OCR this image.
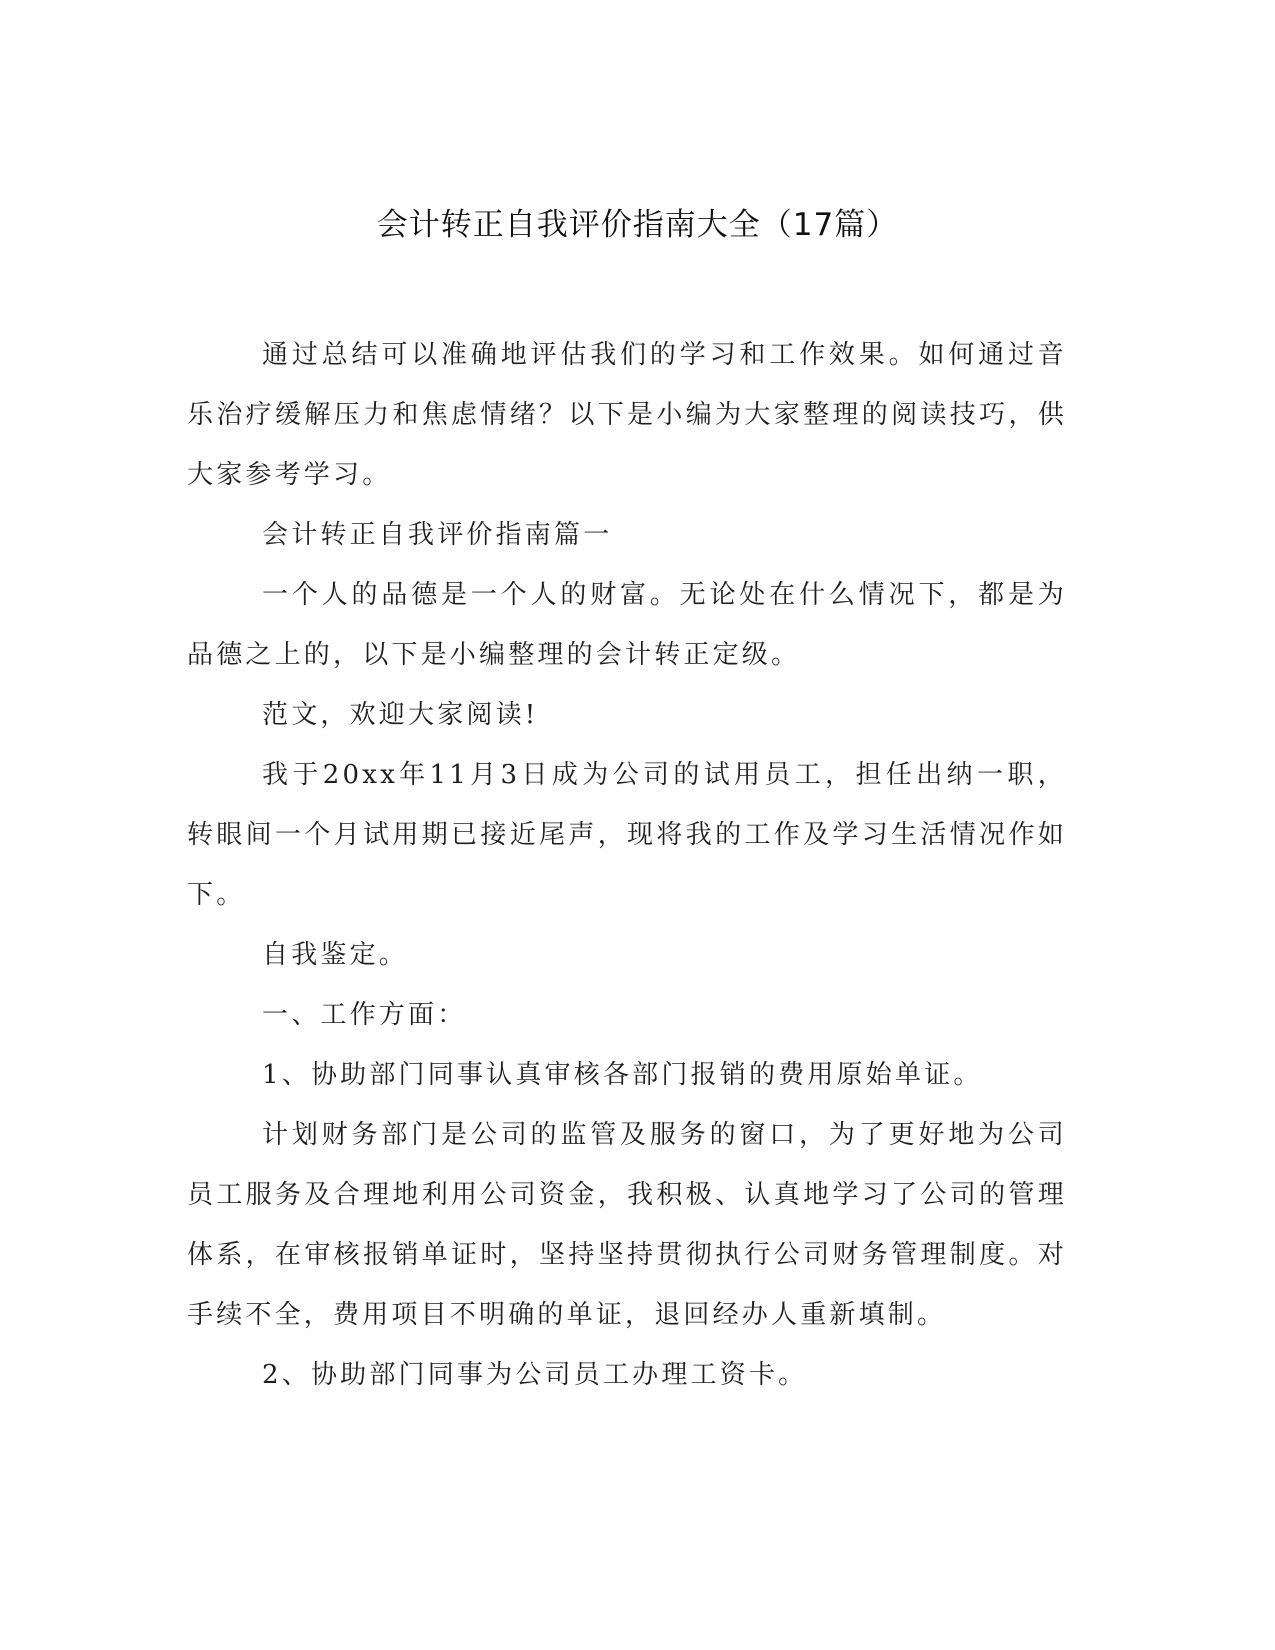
会计转正自我评价指南大全（17篇）

通过总结可以准确地评估我们的学习和工作效果。如何通过音乐治疗缓解压力和焦虑情绪？以下是小编为大家整理的阅读技巧，供大家参考学习。

会计转正自我评价指南篇一

一个人的品德是一个人的财富。无论处在什么情况下，都是为品德之上的，以下是小编整理的会计转正定级。

范文，欢迎大家阅读!

我于20xx年11月3日成为公司的试用员工，担任出纳一职，转眼间一个月试用期已接近尾声，现将我的工作及学习生活情况作如下。

自我鉴定。

一、工作方面：

1、协助部门同事认真审核各部门报销的费用原始单证。

计划财务部门是公司的监管及服务的窗口，为了更好地为公司员工服务及合理地利用公司资金，我积极、认真地学习了公司的管理体系，在审核报销单证时，坚持坚持贯彻执行公司财务管理制度。对手续不全，费用项目不明确的单证，退回经办人重新填制。

2、协助部门同事为公司员工办理工资卡。
